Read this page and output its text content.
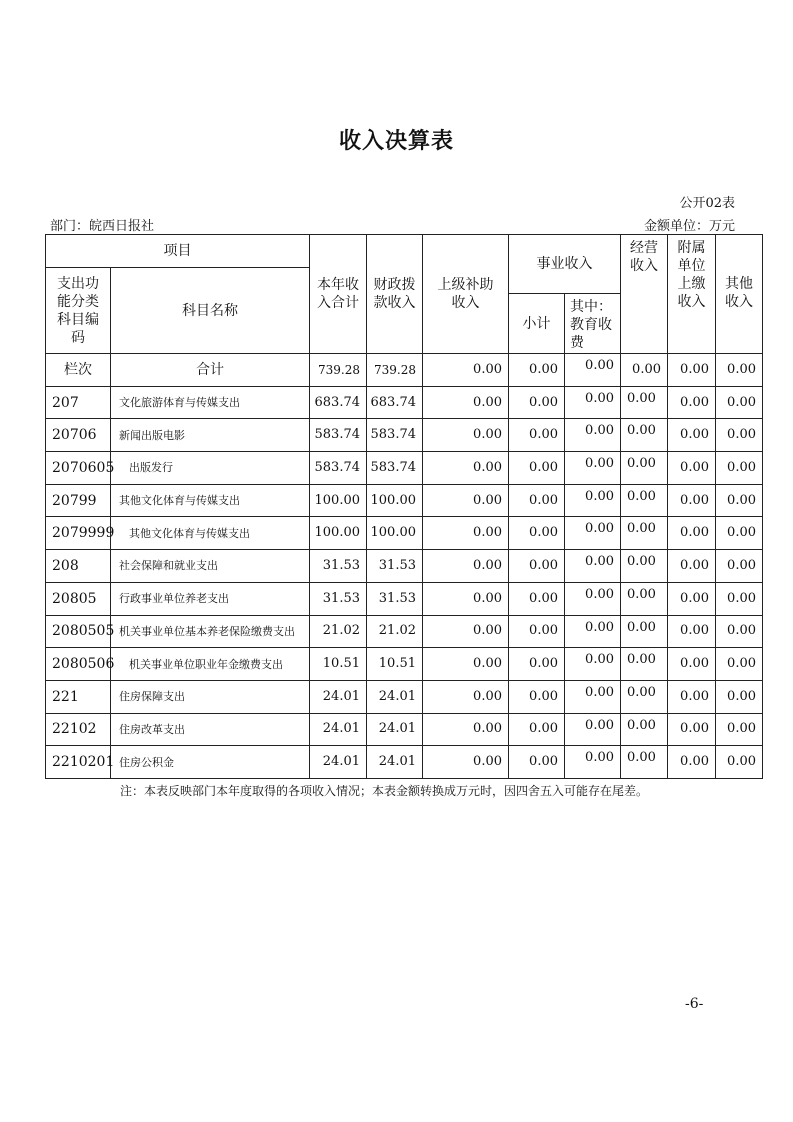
收入决算表
公开02表
部门：皖西日报社	金额单位：万元
项目		本年收入合计	财政拨款收入	上级补助收入	事业收入		经营收入	附属单位上缴收入	其他收入
支出功能分类科目编码	科目名称								
					小计	其中：教育收费			
栏次	合计	739.28	739.28	0.00	0.00	0.00	0.00	0.00	0.00
207	文化旅游体育与传媒支出	683.74	683.74	0.00	0.00	0.00	0.00	0.00	0.00
20706	新闻出版电影	583.74	583.74	0.00	0.00	0.00	0.00	0.00	0.00
2070605	出版发行	583.74	583.74	0.00	0.00	0.00	0.00	0.00	0.00
20799	其他文化体育与传媒支出	100.00	100.00	0.00	0.00	0.00	0.00	0.00	0.00
2079999	其他文化体育与传媒支出	100.00	100.00	0.00	0.00	0.00	0.00	0.00	0.00
208	社会保障和就业支出	31.53	31.53	0.00	0.00	0.00	0.00	0.00	0.00
20805	行政事业单位养老支出	31.53	31.53	0.00	0.00	0.00	0.00	0.00	0.00
2080505	机关事业单位基本养老保险缴费支出	21.02	21.02	0.00	0.00	0.00	0.00	0.00	0.00
2080506	机关事业单位职业年金缴费支出	10.51	10.51	0.00	0.00	0.00	0.00	0.00	0.00
221	住房保障支出	24.01	24.01	0.00	0.00	0.00	0.00	0.00	0.00
22102	住房改革支出	24.01	24.01	0.00	0.00	0.00	0.00	0.00	0.00
2210201	住房公积金	24.01	24.01	0.00	0.00	0.00	0.00	0.00	0.00
注：本表反映部门本年度取得的各项收入情况；本表金额转换成万元时，因四舍五入可能存在尾差。
-6-
